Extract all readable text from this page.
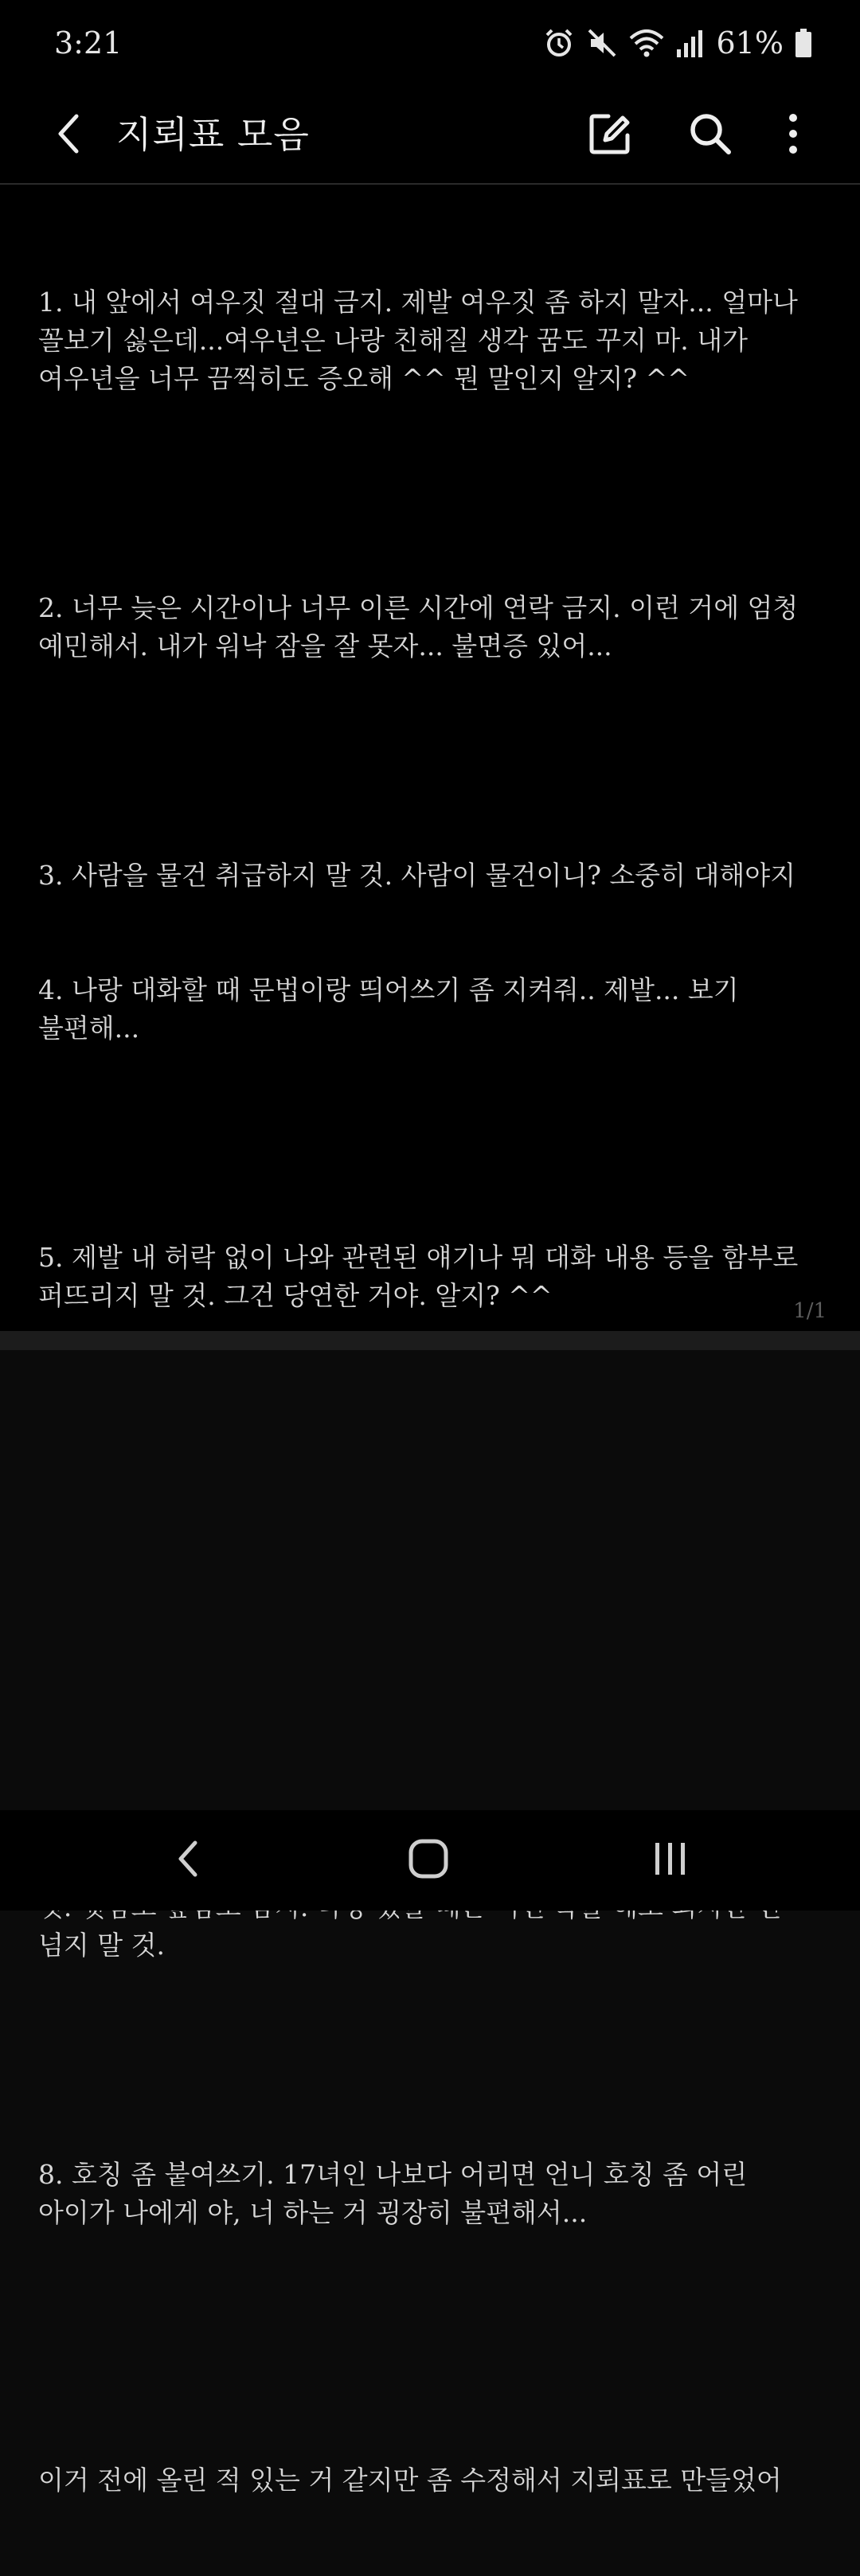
3:21	61%
지뢰표 모음

1. 내 앞에서 여우짓 절대 금지. 제발 여우짓 좀 하지 말자... 얼마나 꼴보기 싫은데...여우년은 나랑 친해질 생각 꿈도 꾸지 마. 내가 여우년을 너무 끔찍히도 증오해 ^^ 뭔 말인지 알지? ^^

2. 너무 늦은 시간이나 너무 이른 시간에 연락 금지. 이런 거에 엄청 예민해서. 내가 워낙 잠을 잘 못자... 불면증 있어...

3. 사람을 물건 취급하지 말 것. 사람이 물건이니? 소중히 대해야지

4. 나랑 대화할 때 문법이랑 띄어쓰기 좀 지켜줘.. 제발... 보기 불편해...

5. 제발 내 허락 없이 나와 관련된 얘기나 뭐 대화 내용 등을 함부로 퍼뜨리지 말 것. 그건 당연한 거야. 알지? ^^

넘지 말 것.

8. 호칭 좀 붙여쓰기. 17녀인 나보다 어리면 언니 호칭 좀 어린 아이가 나에게 야, 너 하는 거 굉장히 불편해서...

이거 전에 올린 적 있는 거 같지만 좀 수정해서 지뢰표로 만들었어

1/1
